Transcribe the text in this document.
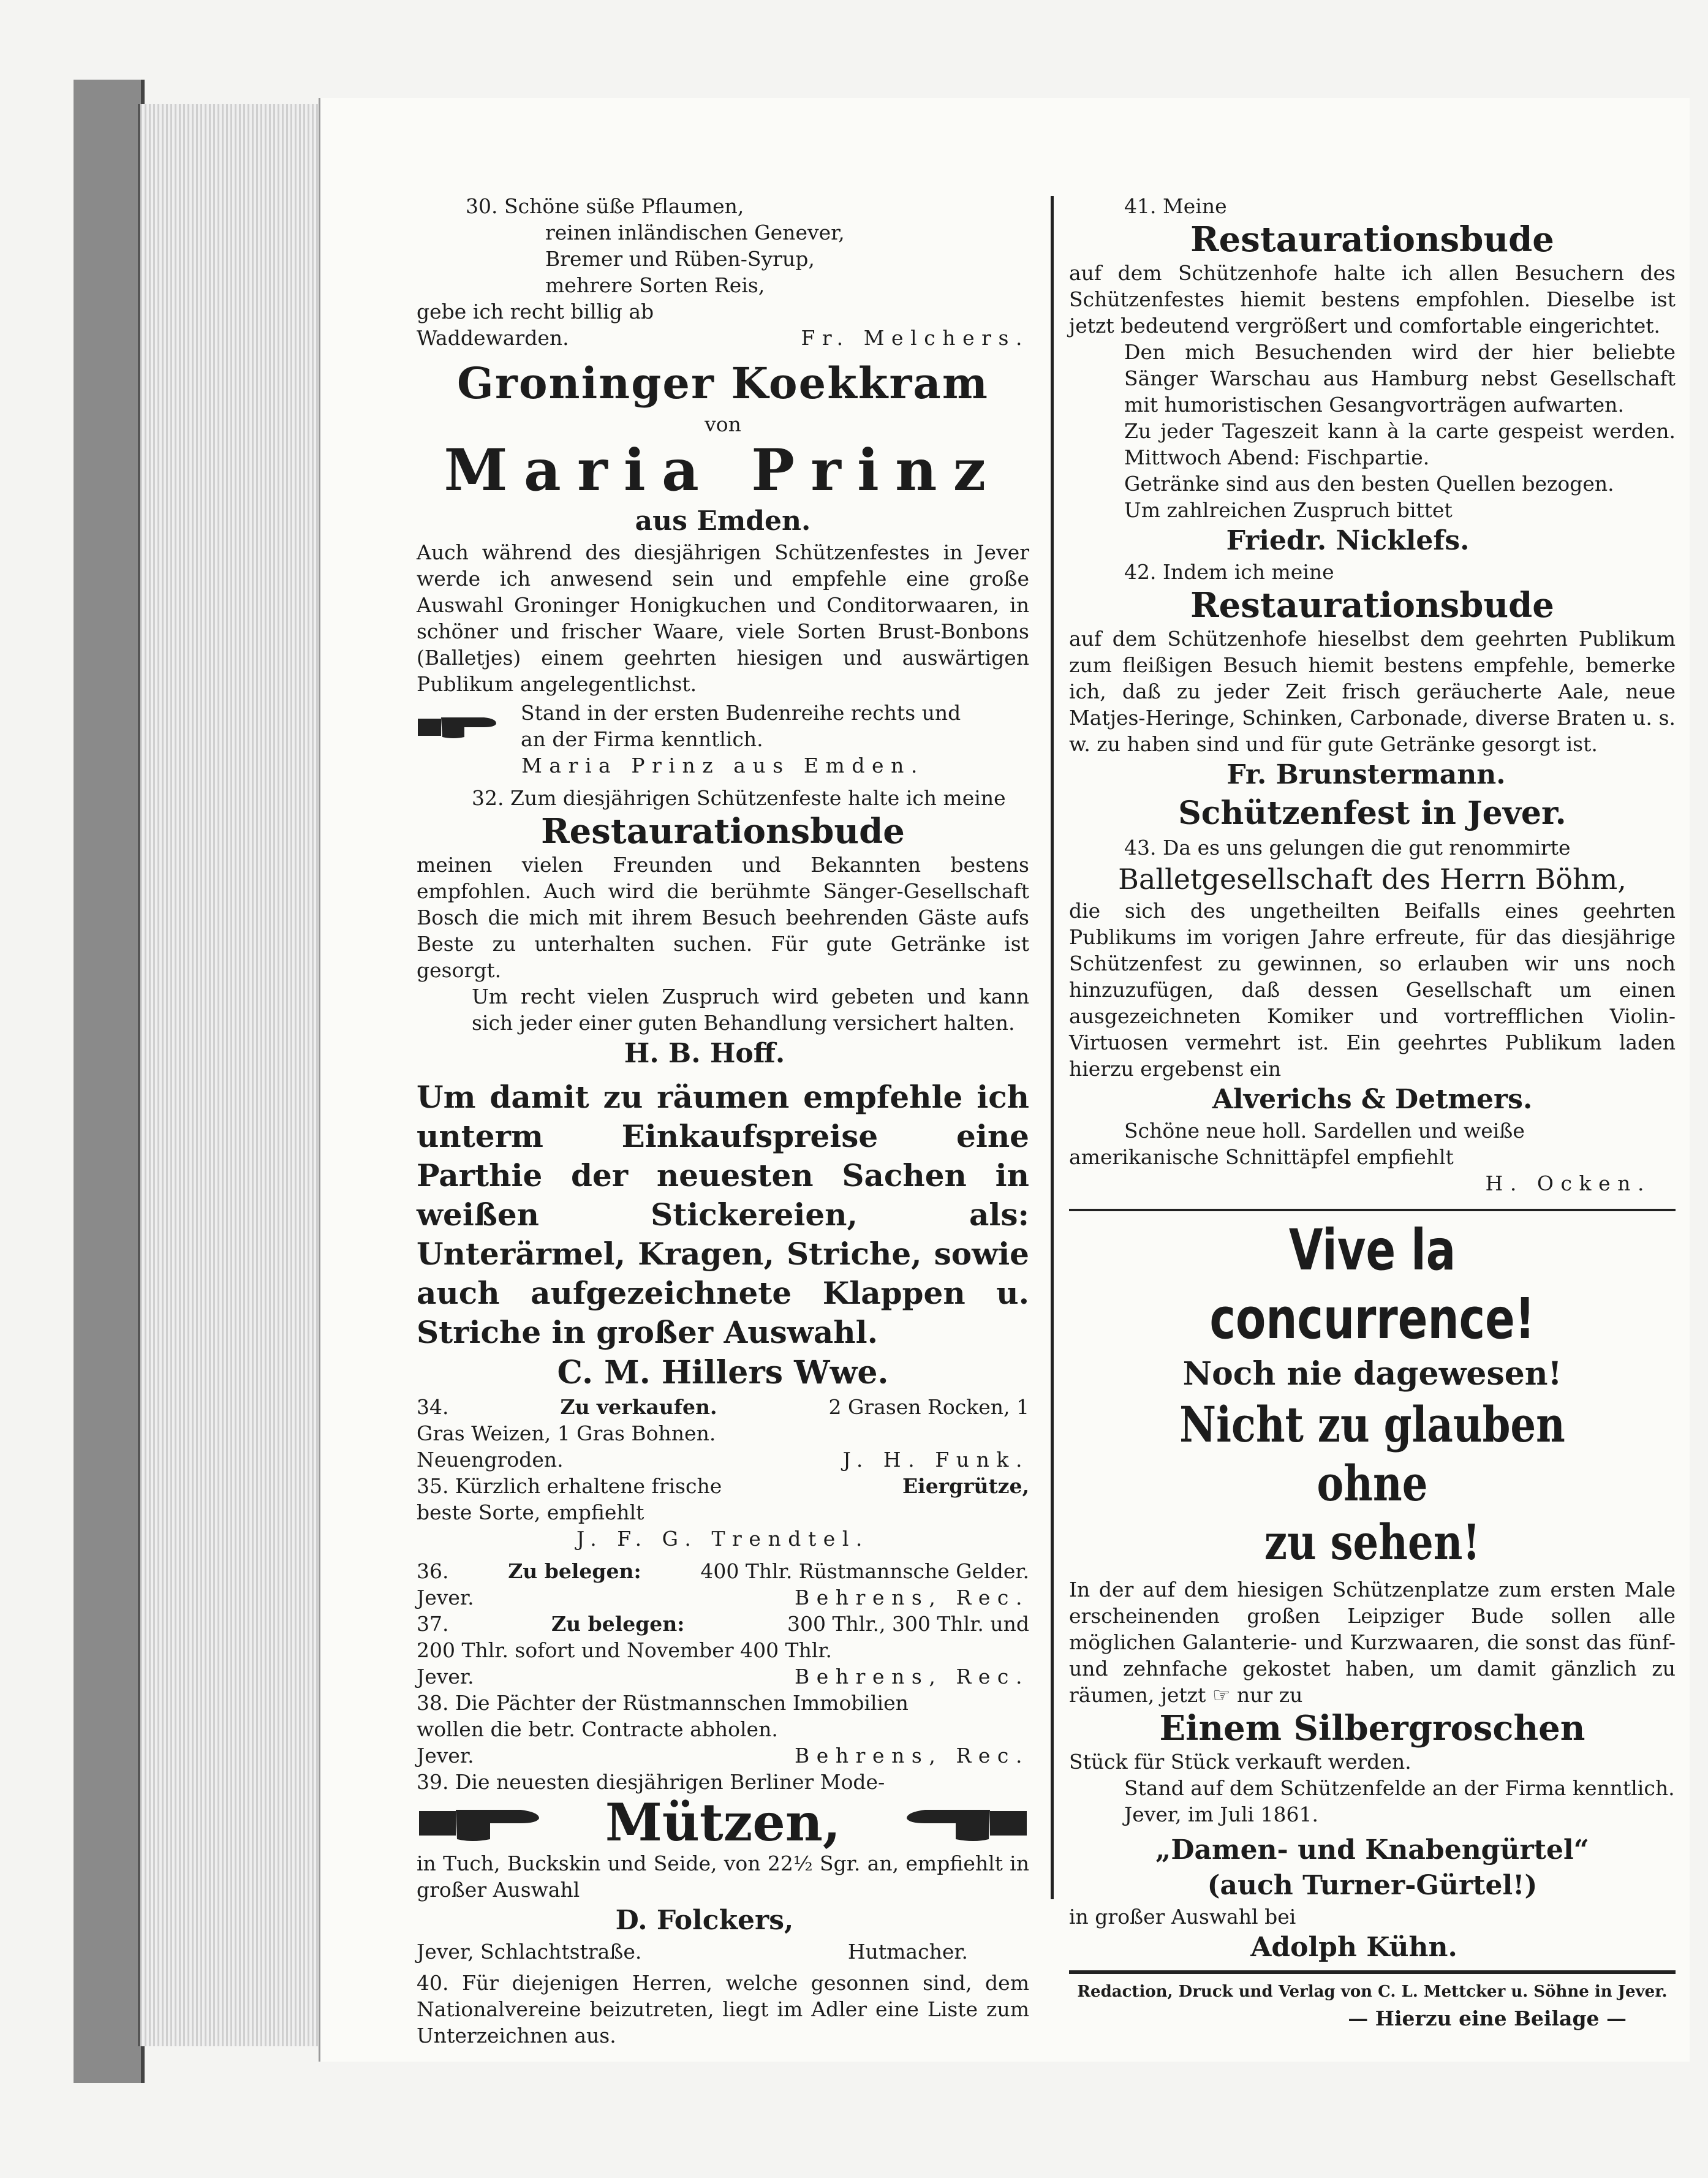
30. Schöne süße Pflaumen,

reinen inländischen Genever,

Bremer und Rüben-Syrup,

mehrere Sorten Reis,

gebe ich recht billig ab

Waddewarden.	Fr. Melchers.
Groninger Koekkram

von

Maria Prinz
aus Emden.

Auch während des diesjährigen Schützenfestes in Jever werde ich anwesend sein und empfehle eine große Auswahl Groninger Honigkuchen und Conditorwaaren, in schöner und frischer Waare, viele Sorten Brust-Bonbons (Balletjes) einem geehrten hiesigen und auswärtigen Publikum angelegentlichst.

Stand in der ersten Budenreihe rechts und

an der Firma kenntlich.

Maria Prinz aus Emden.

32. Zum diesjährigen Schützenfeste halte ich meine

Restaurationsbude

meinen vielen Freunden und Bekannten bestens empfohlen. Auch wird die berühmte Sänger-Gesellschaft Bosch die mich mit ihrem Besuch beehrenden Gäste aufs Beste zu unterhalten suchen. Für gute Getränke ist gesorgt.

Um recht vielen Zuspruch wird gebeten und kann sich jeder einer guten Behandlung versichert halten.

H. B. Hoff.

Um damit zu räumen empfehle ich unterm Einkaufspreise eine Parthie der neuesten Sachen in weißen Stickereien, als: Unterärmel, Kragen, Striche, sowie auch aufgezeichnete Klappen u. Striche in großer Auswahl.

C. M. Hillers Wwe.
34.	Zu verkaufen.	2 Grasen Rocken, 1

Gras Weizen, 1 Gras Bohnen.

Neuengroden.	J. H. Funk.
35. Kürzlich erhaltene frische	Eiergrütze,

beste Sorte, empfiehlt

J. F. G. Trendtel.

36.	Zu belegen:	400 Thlr. Rüstmannsche Gelder.
Jever.	Behrens, Rec.
37.	Zu belegen:	300 Thlr., 300 Thlr. und

200 Thlr. sofort und November 400 Thlr.

Jever.	Behrens, Rec.

38. Die Pächter der Rüstmannschen Immobilien

wollen die betr. Contracte abholen.

Jever.	Behrens, Rec.

39. Die neuesten diesjährigen Berliner Mode-

Mützen,

in Tuch, Buckskin und Seide, von 22½ Sgr. an, empfiehlt in großer Auswahl

D. Folckers,
Jever, Schlachtstraße.	Hutmacher.

40. Für diejenigen Herren, welche gesonnen sind, dem Nationalvereine beizutreten, liegt im Adler eine Liste zum Unterzeichnen aus.

41. Meine

Restaurationsbude

auf dem Schützenhofe halte ich allen Besuchern des Schützenfestes hiemit bestens empfohlen. Dieselbe ist jetzt bedeutend vergrößert und comfortable eingerichtet.

Den mich Besuchenden wird der hier beliebte Sänger Warschau aus Hamburg nebst Gesellschaft mit humoristischen Gesangvorträgen aufwarten.

Zu jeder Tageszeit kann à la carte gespeist werden. Mittwoch Abend: Fischpartie.

Getränke sind aus den besten Quellen bezogen.

Um zahlreichen Zuspruch bittet

Friedr. Nicklefs.

42. Indem ich meine

Restaurationsbude

auf dem Schützenhofe hieselbst dem geehrten Publikum zum fleißigen Besuch hiemit bestens empfehle, bemerke ich, daß zu jeder Zeit frisch geräucherte Aale, neue Matjes-Heringe, Schinken, Carbonade, diverse Braten u. s. w. zu haben sind und für gute Getränke gesorgt ist.

Fr. Brunstermann.
Schützenfest in Jever.

43. Da es uns gelungen die gut renommirte

Balletgesellschaft des Herrn Böhm,

die sich des ungetheilten Beifalls eines geehrten Publikums im vorigen Jahre erfreute, für das diesjährige Schützenfest zu gewinnen, so erlauben wir uns noch hinzuzufügen, daß dessen Gesellschaft um einen ausgezeichneten Komiker und vortrefflichen Violin-Virtuosen vermehrt ist. Ein geehrtes Publikum laden hierzu ergebenst ein

Alverichs & Detmers.

Schöne neue holl. Sardellen und weiße

amerikanische Schnittäpfel empfiehlt

H. Ocken.

Vive la concurrence!
Noch nie dagewesen!
Nicht zu glauben ohne
zu sehen!

In der auf dem hiesigen Schützenplatze zum ersten Male erscheinenden großen Leipziger Bude sollen alle möglichen Galanterie- und Kurzwaaren, die sonst das fünf- und zehnfache gekostet haben, um damit gänzlich zu räumen, jetzt ☞ nur zu

Einem Silbergroschen

Stück für Stück verkauft werden.

Stand auf dem Schützenfelde an der Firma kenntlich.

Jever, im Juli 1861.

„Damen- und Knabengürtel“
(auch Turner-Gürtel!)

in großer Auswahl bei

Adolph Kühn.

Redaction, Druck und Verlag von C. L. Mettcker u. Söhne in Jever.

— Hierzu eine Beilage —
